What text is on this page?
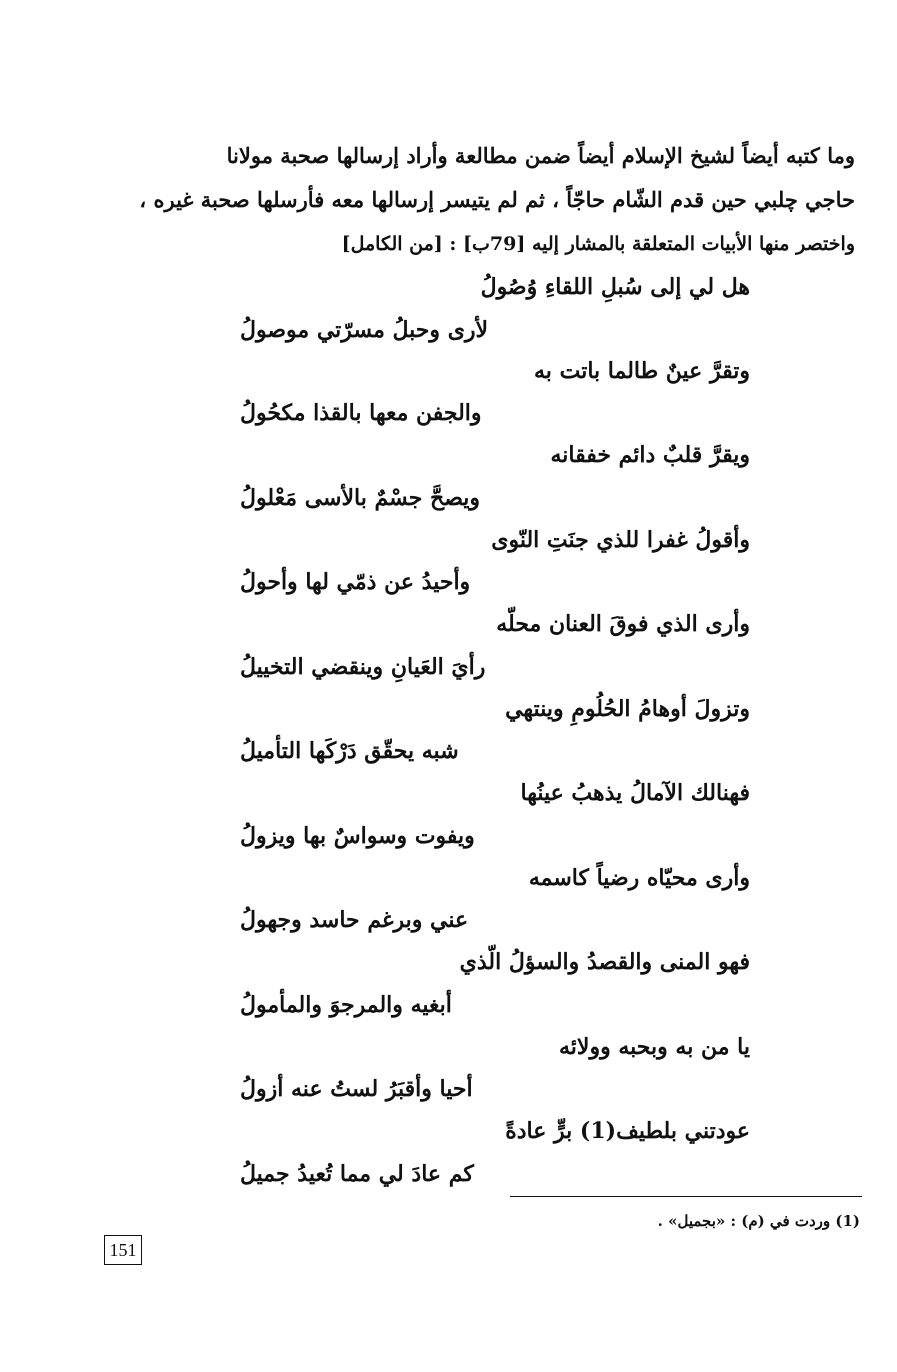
وما كتبه أيضاً لشيخ الإسلام أيضاً ضمن مطالعة وأراد إرسالها صحبة مولانا
حاجي چلبي حين قدم الشّام حاجّاً ، ثم لم يتيسر إرسالها معه فأرسلها صحبة غيره ،
واختصر منها الأبيات المتعلقة بالمشار إليه [79ب] : [من الكامل]
هل لي إلى سُبلِ اللقاءِ وُصُولُ
لأرى وحبلُ مسرّتي موصولُ
وتقرَّ عينٌ طالما باتت به
والجفن معها بالقذا مكحُولُ
ويقرَّ قلبٌ دائم خفقانه
ويصحَّ جسْمٌ بالأسى مَعْلولُ
وأقولُ غفرا للذي جنَتِ النّوى
وأحيدُ عن ذمّي لها وأحولُ
وأرى الذي فوقَ العنان محلّه
رأيَ العَيانِ وينقضي التخييلُ
وتزولَ أوهامُ الحُلُومِ وينتهي
شبه يحقّق دَرْكَها التأميلُ
فهنالك الآمالُ يذهبُ عينُها
ويفوت وسواسٌ بها ويزولُ
وأرى محيّاه رضياً كاسمه
عني وبرغم حاسد وجهولُ
فهو المنى والقصدُ والسؤلُ الّذي
أبغيه والمرجوَ والمأمولُ
يا من به وبحبه وولائه
أحيا وأقبَرُ لستُ عنه أزولُ
عودتني بلطيف(1) برٍّ عادةً
كم عادَ لي مما تُعيدُ جميلُ
(1) وردت في (م) : «بجميل» .
151
